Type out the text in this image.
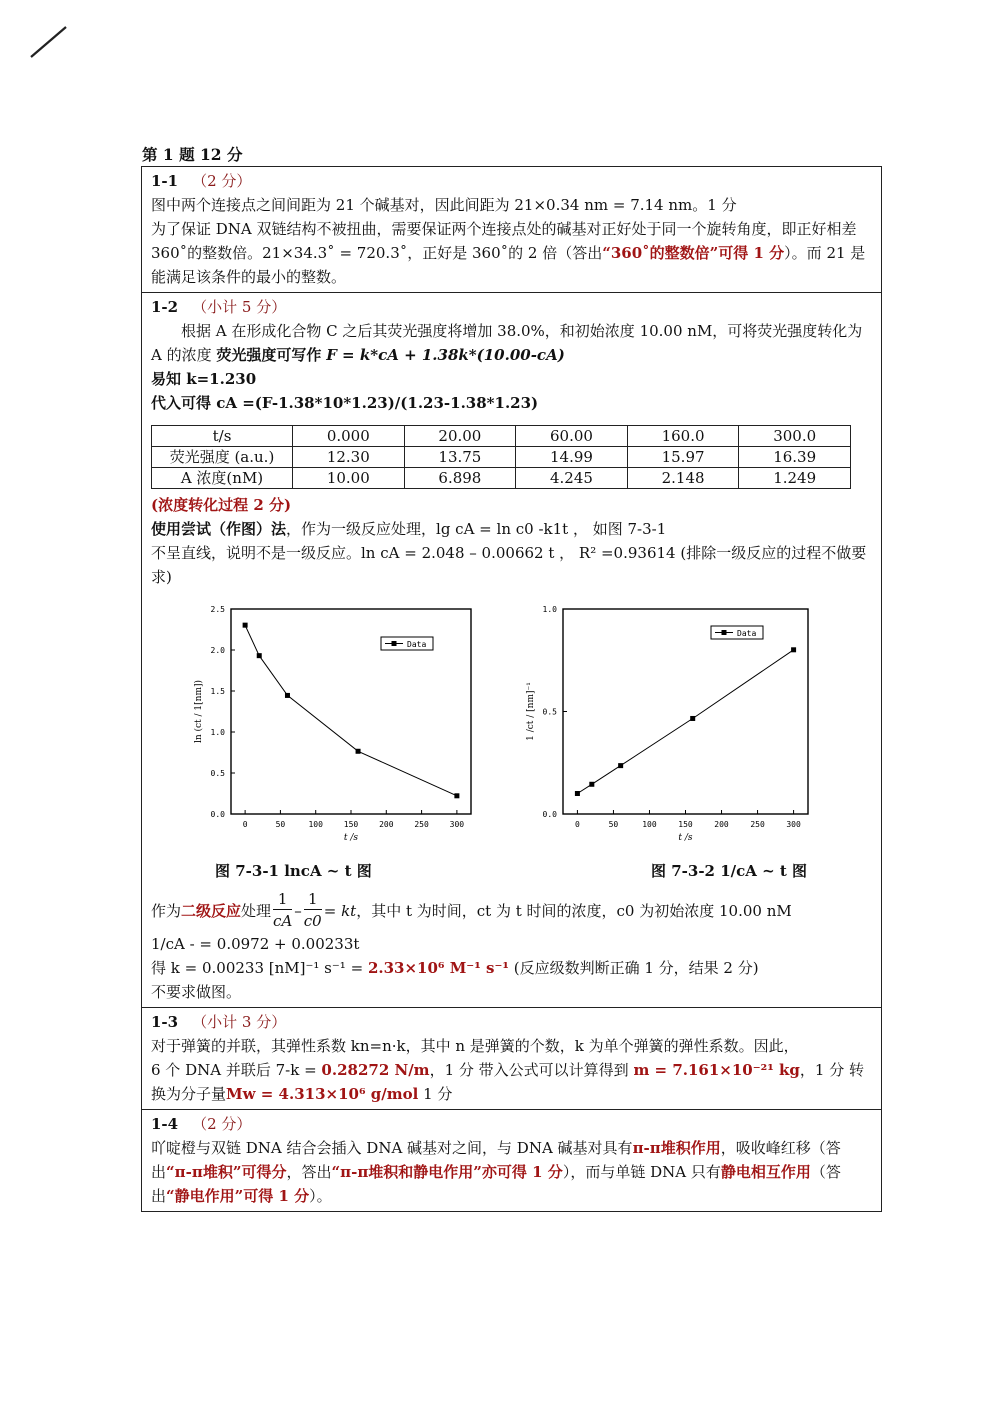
第 1 题 12 分
1-1 （2 分）
图中两个连接点之间间距为 21 个碱基对，因此间距为 21×0.34 nm = 7.14 nm。1 分
为了保证 DNA 双链结构不被扭曲，需要保证两个连接点处的碱基对正好处于同一个旋转角度，即正好相差 360˚的整数倍。21×34.3˚ = 720.3˚，正好是 360˚的 2 倍（答出“360˚的整数倍”可得 1 分）。而 21 是能满足该条件的最小的整数。
1-2 （小计 5 分）
根据 A 在形成化合物 C 之后其荧光强度将增加 38.0%，和初始浓度 10.00 nM，可将荧光强度转化为 A 的浓度 荧光强度可写作 F = k*cA + 1.38k*(10.00-cA)
易知 k=1.230
代入可得 cA =(F-1.38*10*1.23)/(1.23-1.38*1.23)
t/s	0.000	20.00	60.00	160.0	300.0
荧光强度 (a.u.)	12.30	13.75	14.99	15.97	16.39
A 浓度(nM)	10.00	6.898	4.245	2.148	1.249
(浓度转化过程 2 分)
使用尝试（作图）法，作为一级反应处理，lg cA = ln c0 -k1t ， 如图 7-3-1
不呈直线，说明不是一级反应。ln cA = 2.048 – 0.00662 t ， R² =0.93614 (排除一级反应的过程不做要求)
0	50	100	150	200	250	300
0.0
0.5
1.0
1.5
2.0
2.5
Data
t /s
ln (ct / 1[nm])
0	50	100	150	200	250	300
0.0
0.5
1.0
Data
t /s
1 /ct / [nm]⁻¹
图 7-3-1 lncA ~ t 图	图 7-3-2 1/cA ~ t 图
作为 二级反应 处理 $\frac{1}{cA} - \frac{1}{c0}$ = kt ，其中 t 为时间，ct 为 t 时间的浓度，c0 为初始浓度 10.00 nM
1/cA - = 0.0972 + 0.00233t
得 k = 0.00233 [nM]⁻¹ s⁻¹ = 2.33×10⁶ M⁻¹ s⁻¹ (反应级数判断正确 1 分，结果 2 分)
不要求做图。
1-3 （小计 3 分）
对于弹簧的并联，其弹性系数 kn=n·k，其中 n 是弹簧的个数，k 为单个弹簧的弹性系数。因此，
6 个 DNA 并联后 7-k = 0.28272 N/m，1 分 带入公式可以计算得到 m = 7.161×10⁻²¹ kg，1 分 转
换为分子量Mw = 4.313×10⁶ g/mol 1 分
1-4 （2 分）
吖啶橙与双链 DNA 结合会插入 DNA 碱基对之间，与 DNA 碱基对具有π-π堆积作用，吸收峰红移（答出“π-π堆积”可得分，答出“π-π堆积和静电作用”亦可得 1 分），而与单链 DNA 只有静电相互作用（答出“静电作用”可得 1 分）。
